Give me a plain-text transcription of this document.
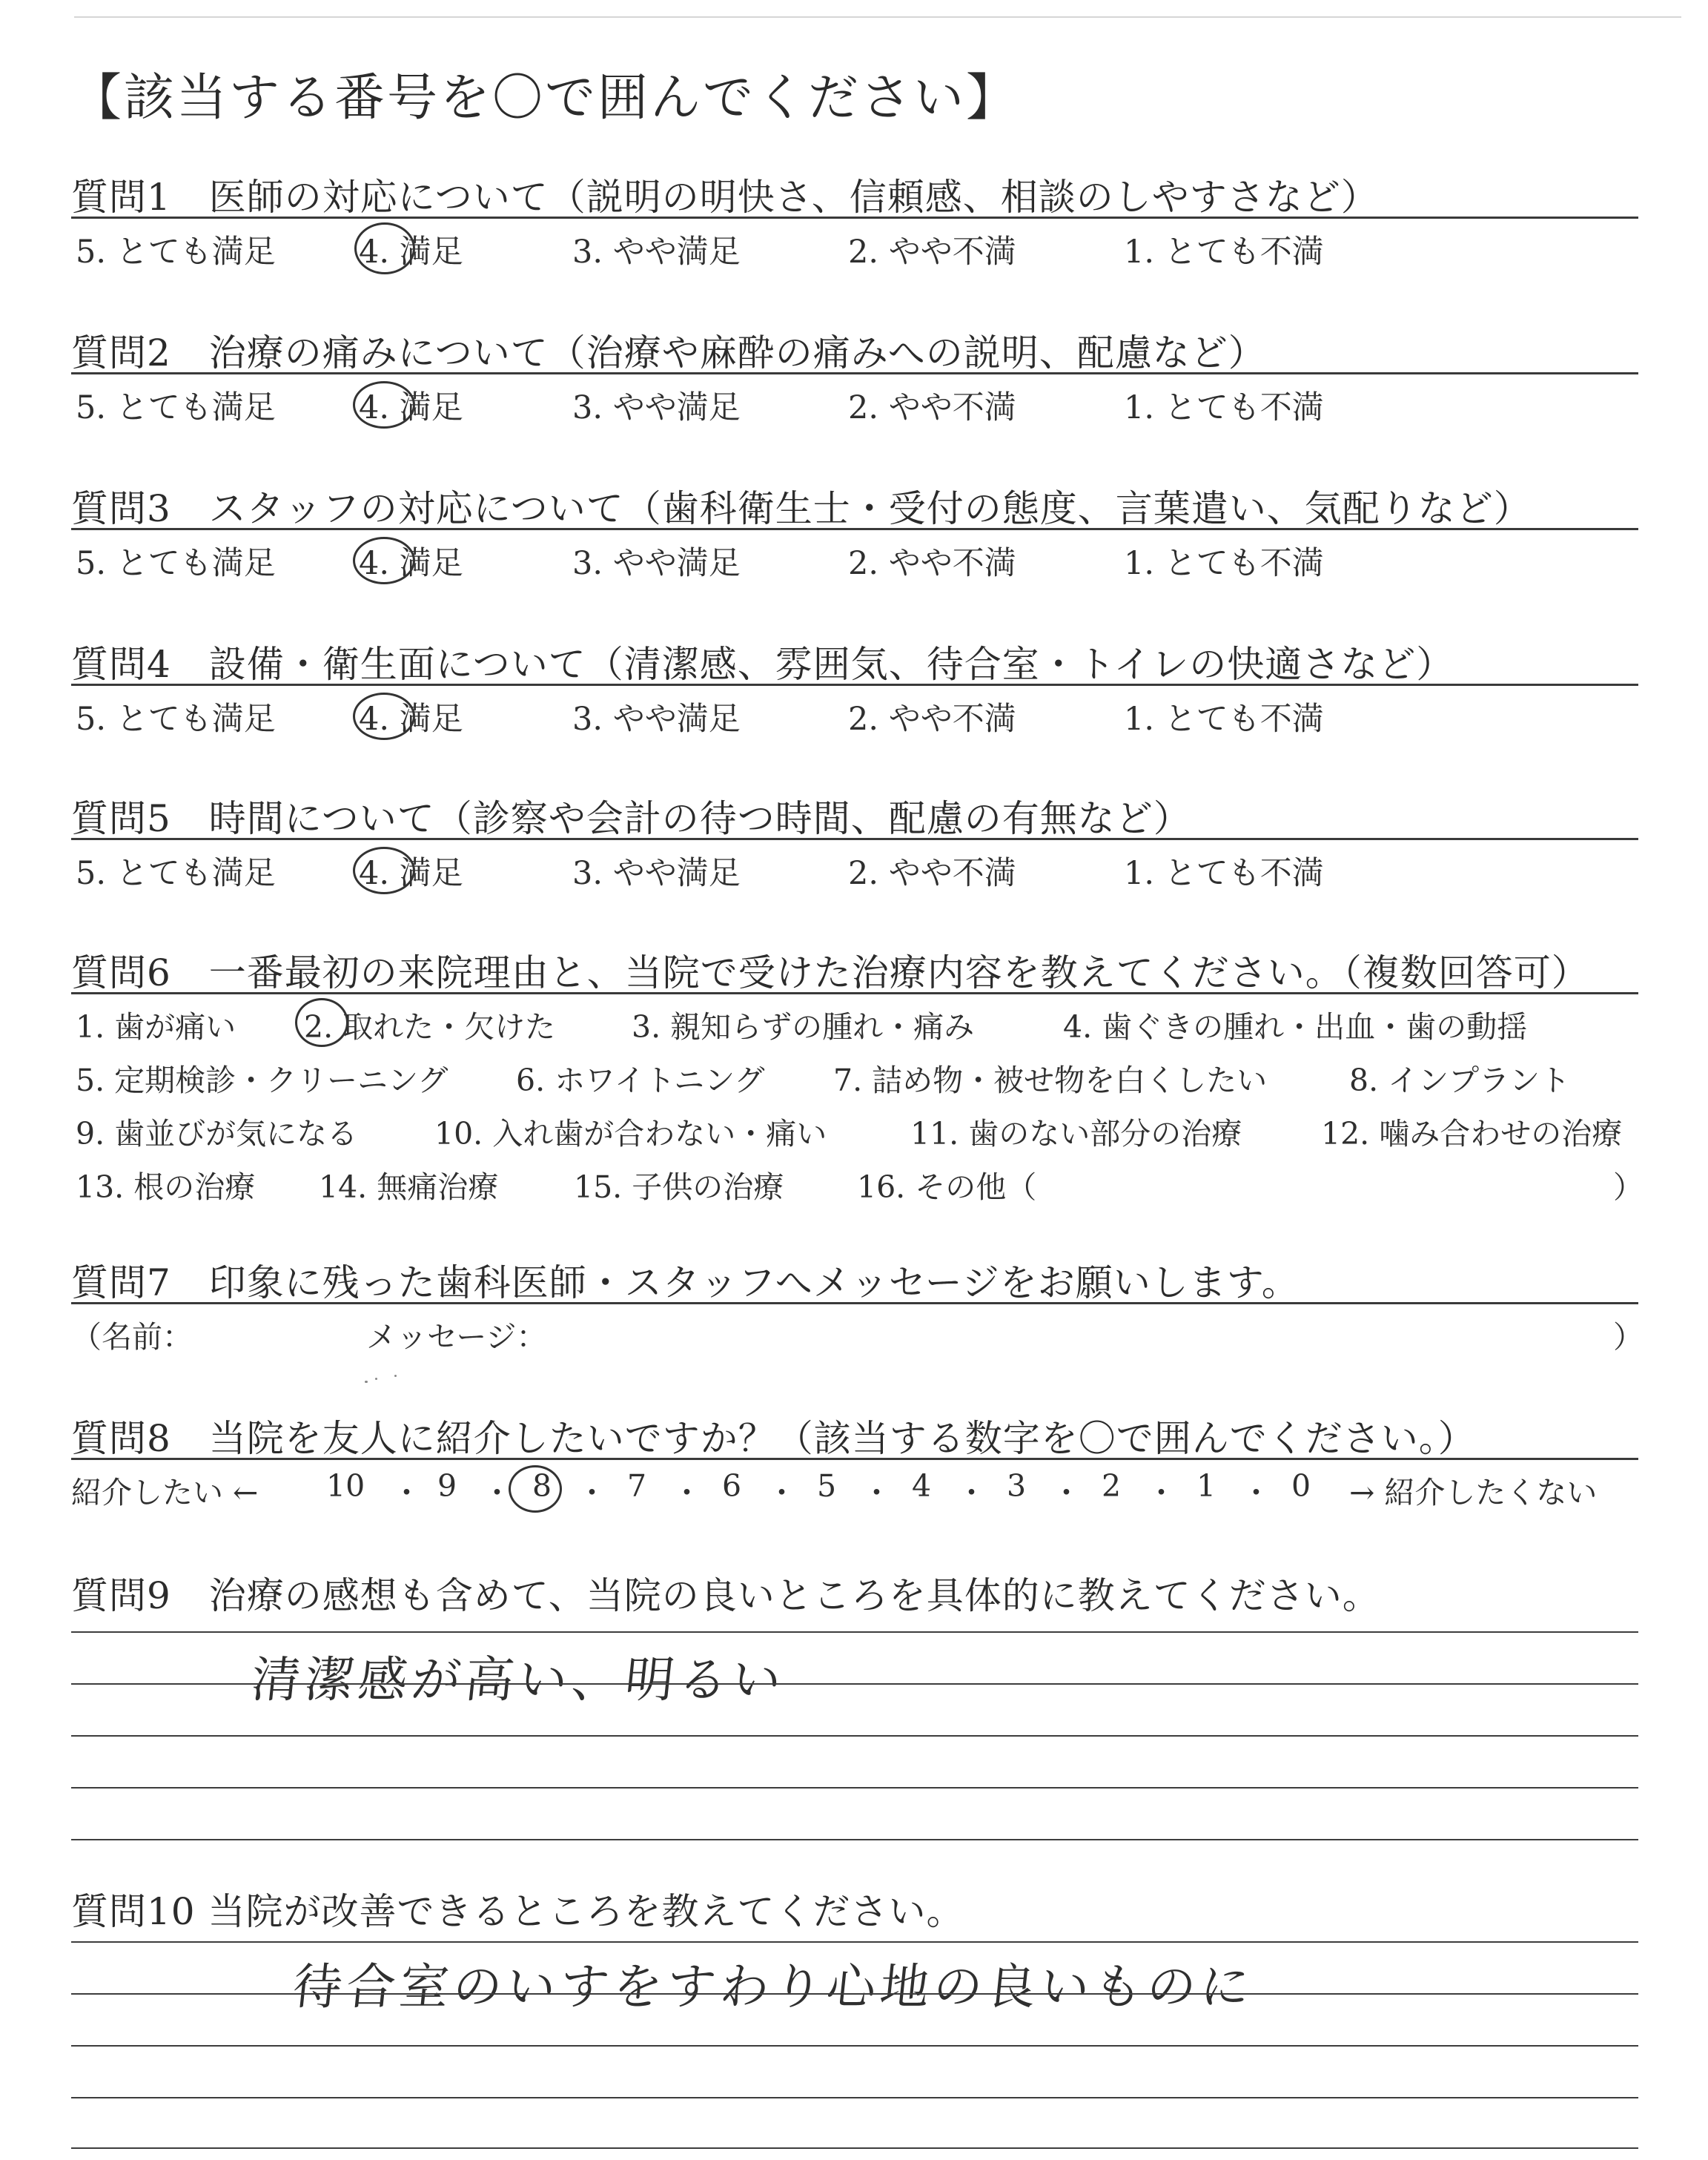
【該当する番号を〇で囲んでください】
質問1　医師の対応について（説明の明快さ、信頼感、相談のしやすさなど）
5. とても満足	4. 満足	3. やや満足	2. やや不満	1. とても不満
質問2　治療の痛みについて（治療や麻酔の痛みへの説明、配慮など）
5. とても満足	4. 満足	3. やや満足	2. やや不満	1. とても不満
質問3　スタッフの対応について（歯科衛生士・受付の態度、言葉遣い、気配りなど）
5. とても満足	4. 満足	3. やや満足	2. やや不満	1. とても不満
質問4　設備・衛生面について（清潔感、雰囲気、待合室・トイレの快適さなど）
5. とても満足	4. 満足	3. やや満足	2. やや不満	1. とても不満
質問5　時間について（診察や会計の待つ時間、配慮の有無など）
5. とても満足	4. 満足	3. やや満足	2. やや不満	1. とても不満
質問6　一番最初の来院理由と、当院で受けた治療内容を教えてください。（複数回答可）
1. 歯が痛い 2. 取れた・欠けた	3. 親知らずの腫れ・痛み	4. 歯ぐきの腫れ・出血・歯の動揺
5. 定期検診・クリーニング 6. ホワイトニング 7. 詰め物・被せ物を白くしたい	8. インプラント
9. 歯並びが気になる	10. 入れ歯が合わない・痛い	11. 歯のない部分の治療	12. 噛み合わせの治療
13. 根の治療 14. 無痛治療 15. 子供の治療 16. その他（	）
質問7　印象に残った歯科医師・スタッフへメッセージをお願いします。
（名前：	メッセージ：	）
質問8　当院を友人に紹介したいですか？（該当する数字を〇で囲んでください。）
紹介したい ← 10 ・ 9 ・ 8 ・ 7 ・ 6 ・ 5 ・ 4 ・ 3 ・ 2 ・ 1 ・ 0 → 紹介したくない
質問9　治療の感想も含めて、当院の良いところを具体的に教えてください。
清潔感が高い、明るい
質問10 当院が改善できるところを教えてください。
待合室のいすをすわり心地の良いものに
